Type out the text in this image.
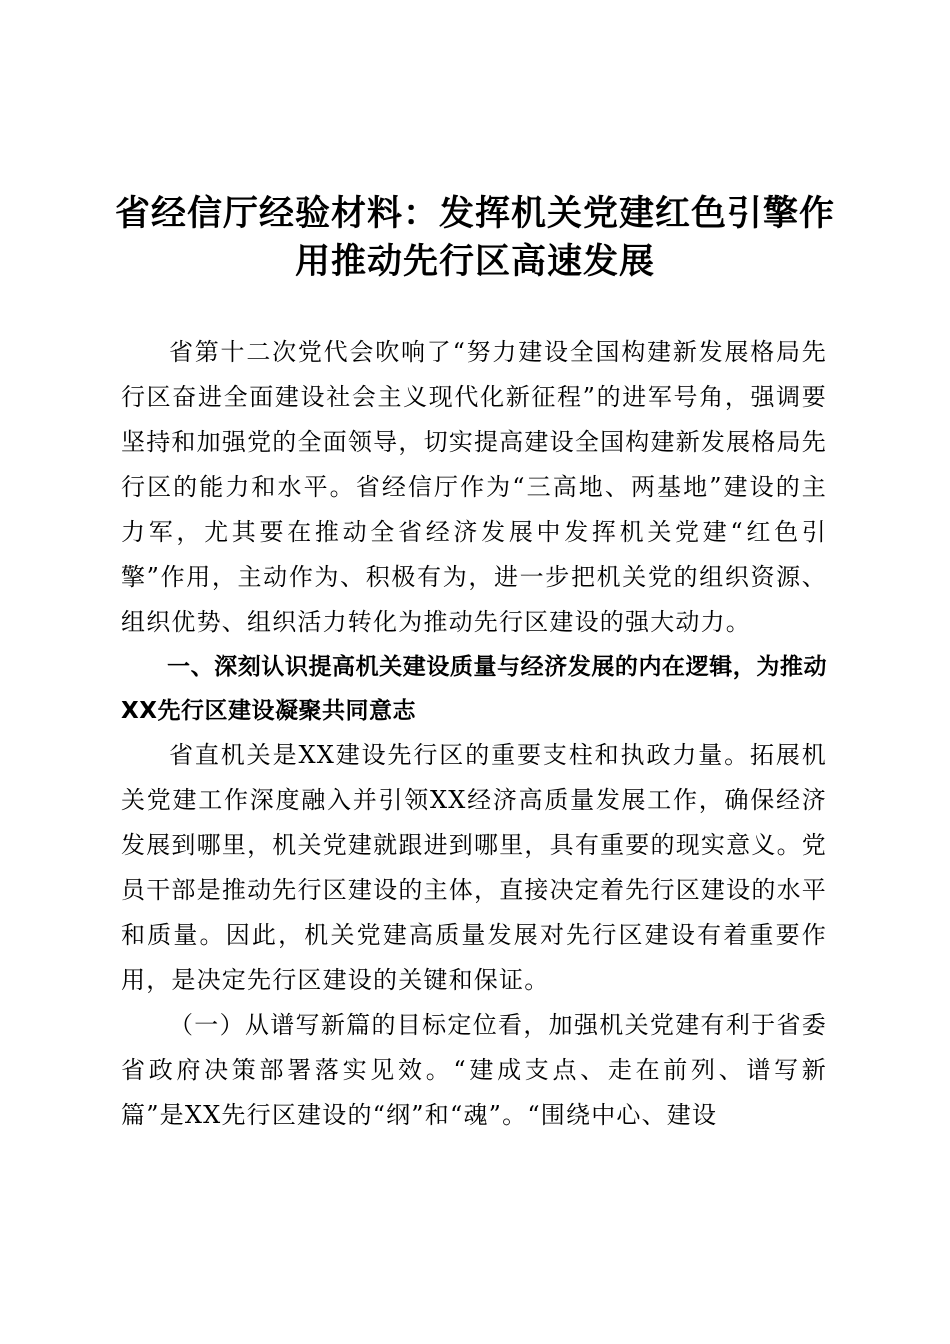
省经信厅经验材料：发挥机关党建红色引擎作用推动先行区高速发展

省第十二次党代会吹响了“努力建设全国构建新发展格局先行区奋进全面建设社会主义现代化新征程”的进军号角，强调要坚持和加强党的全面领导，切实提高建设全国构建新发展格局先行区的能力和水平。省经信厅作为“三高地、两基地”建设的主力军，尤其要在推动全省经济发展中发挥机关党建“红色引擎”作用，主动作为、积极有为，进一步把机关党的组织资源、组织优势、组织活力转化为推动先行区建设的强大动力。

一、深刻认识提高机关建设质量与经济发展的内在逻辑，为推动XX先行区建设凝聚共同意志

省直机关是XX建设先行区的重要支柱和执政力量。拓展机关党建工作深度融入并引领XX经济高质量发展工作，确保经济发展到哪里，机关党建就跟进到哪里，具有重要的现实意义。党员干部是推动先行区建设的主体，直接决定着先行区建设的水平和质量。因此，机关党建高质量发展对先行区建设有着重要作用，是决定先行区建设的关键和保证。

（一）从谱写新篇的目标定位看，加强机关党建有利于省委省政府决策部署落实见效。“建成支点、走在前列、谱写新篇”是XX先行区建设的“纲”和“魂”。“围绕中心、建设
